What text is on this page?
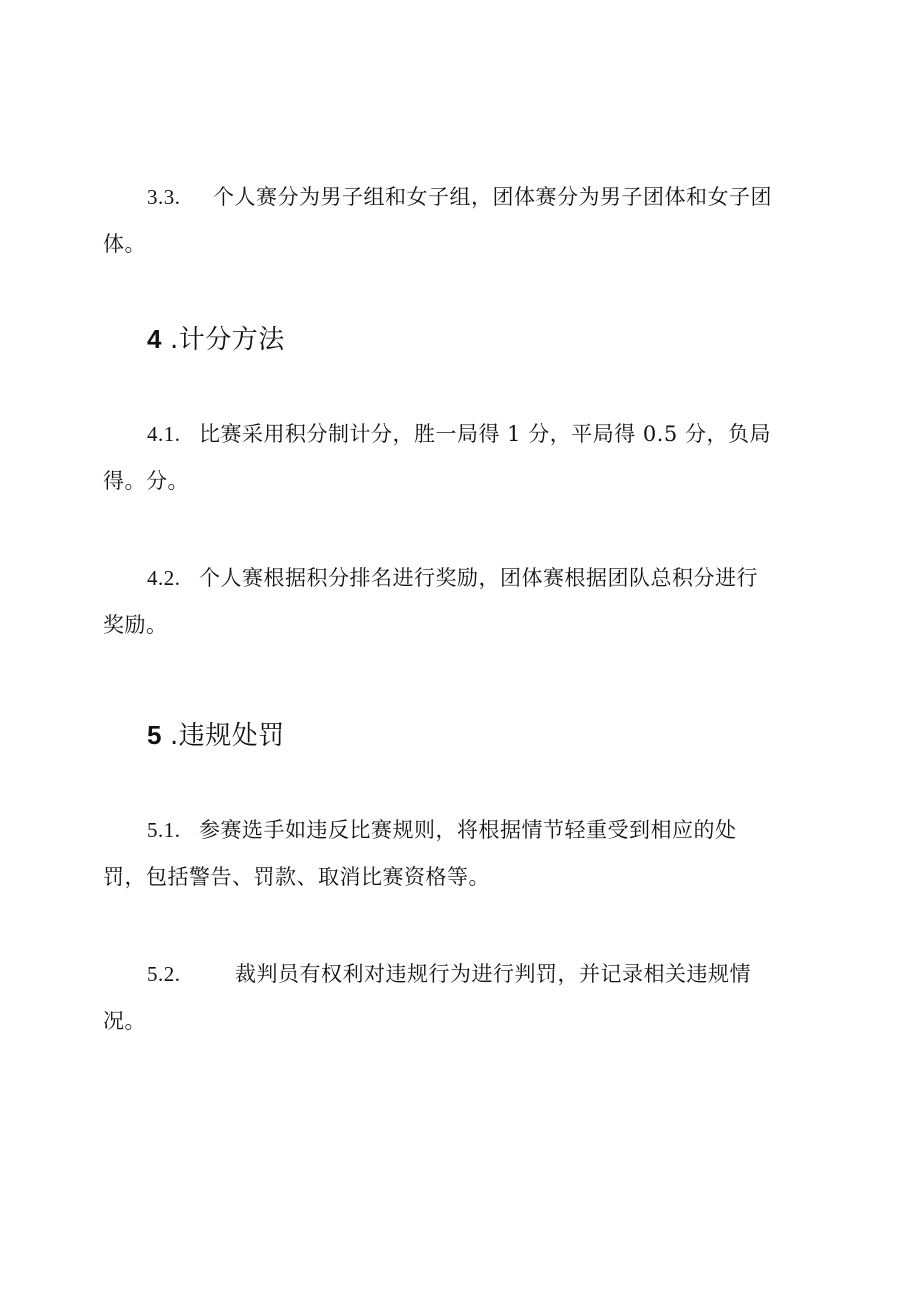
3.3. 个人赛分为男子组和女子组，团体赛分为男子团体和女子团
体。

4 .计分方法

4.1. 比赛采用积分制计分，胜一局得 1 分，平局得 0.5 分，负局
得。分。

4.2. 个人赛根据积分排名进行奖励，团体赛根据团队总积分进行
奖励。

5 .违规处罚

5.1. 参赛选手如违反比赛规则，将根据情节轻重受到相应的处
罚，包括警告、罚款、取消比赛资格等。

5.2.	裁判员有权利对违规行为进行判罚，并记录相关违规情
况。
